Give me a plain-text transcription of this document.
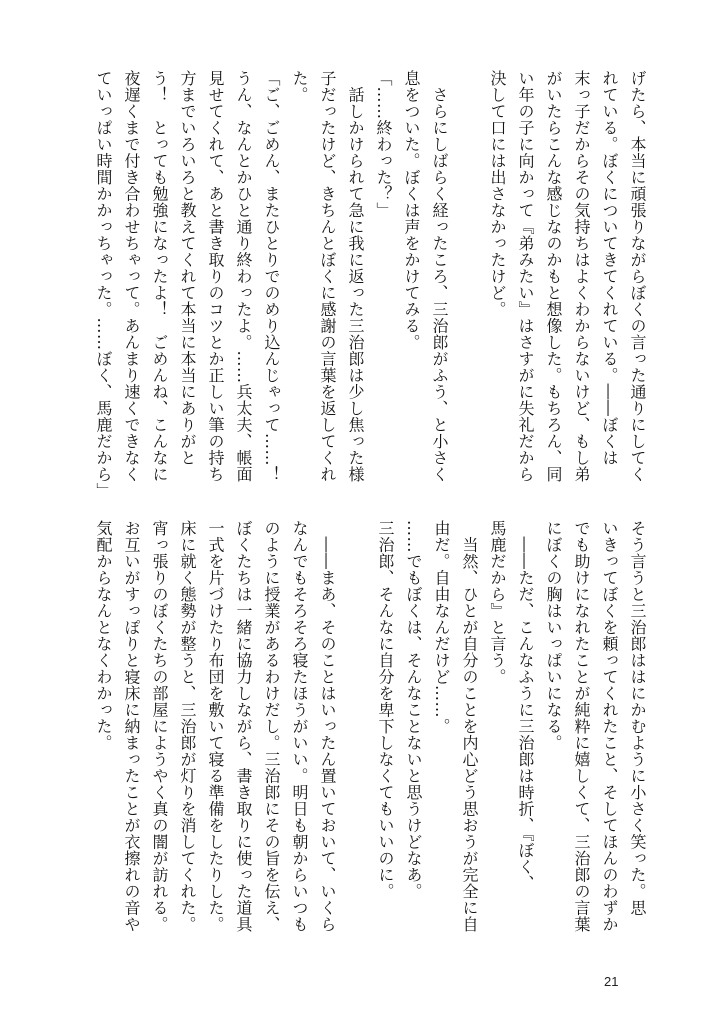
げたら、本当に頑張りながらぼくの言った通りにしてく
れている。ぼくについてきてくれている。――ぼくは
末っ子だからその気持ちはよくわからないけど、もし弟
がいたらこんな感じなのかもと想像した。もちろん、同
い年の子に向かって『弟みたい』はさすがに失礼だから
決して口には出さなかったけど。
　さらにしばらく経ったころ、三治郎がふう、と小さく
息をついた。ぼくは声をかけてみる。
「……終わった？」
　話しかけられて急に我に返った三治郎は少し焦った様
子だったけど、きちんとぼくに感謝の言葉を返してくれ
た。
「ご、ごめん、またひとりでのめり込んじゃって……！
うん、なんとかひと通り終わったよ。……兵太夫、帳面
見せてくれて、あと書き取りのコツとか正しい筆の持ち
方までいろいろと教えてくれて本当に本当にありがと
う！　とっても勉強になったよ！　ごめんね、こんなに
夜遅くまで付き合わせちゃって。あんまり速くできなく
ていっぱい時間かかっちゃった。……ぼく、馬鹿だから」
そう言うと三治郎ははにかむように小さく笑った。思
いきってぼくを頼ってくれたこと、そしてほんのわずか
でも助けになれたことが純粋に嬉しくて、三治郎の言葉
にぼくの胸はいっぱいになる。
　――ただ、こんなふうに三治郎は時折、『ぼく、
馬鹿だから』と言う。
　当然、ひとが自分のことを内心どう思おうが完全に自
由だ。自由なんだけど……。
……でもぼくは、そんなことないと思うけどなあ。
三治郎、そんなに自分を卑下しなくてもいいのに。
　――まあ、そのことはいったん置いておいて、いくら
なんでもそろそろ寝たほうがいい。明日も朝からいつも
のように授業があるわけだし。三治郎にその旨を伝え、
ぼくたちは一緒に協力しながら、書き取りに使った道具
一式を片づけたり布団を敷いて寝る準備をしたりした。
床に就く態勢が整うと、三治郎が灯りを消してくれた。
宵っ張りのぼくたちの部屋にようやく真の闇が訪れる。
お互いがすっぽりと寝床に納まったことが衣擦れの音や
気配からなんとなくわかった。
21
